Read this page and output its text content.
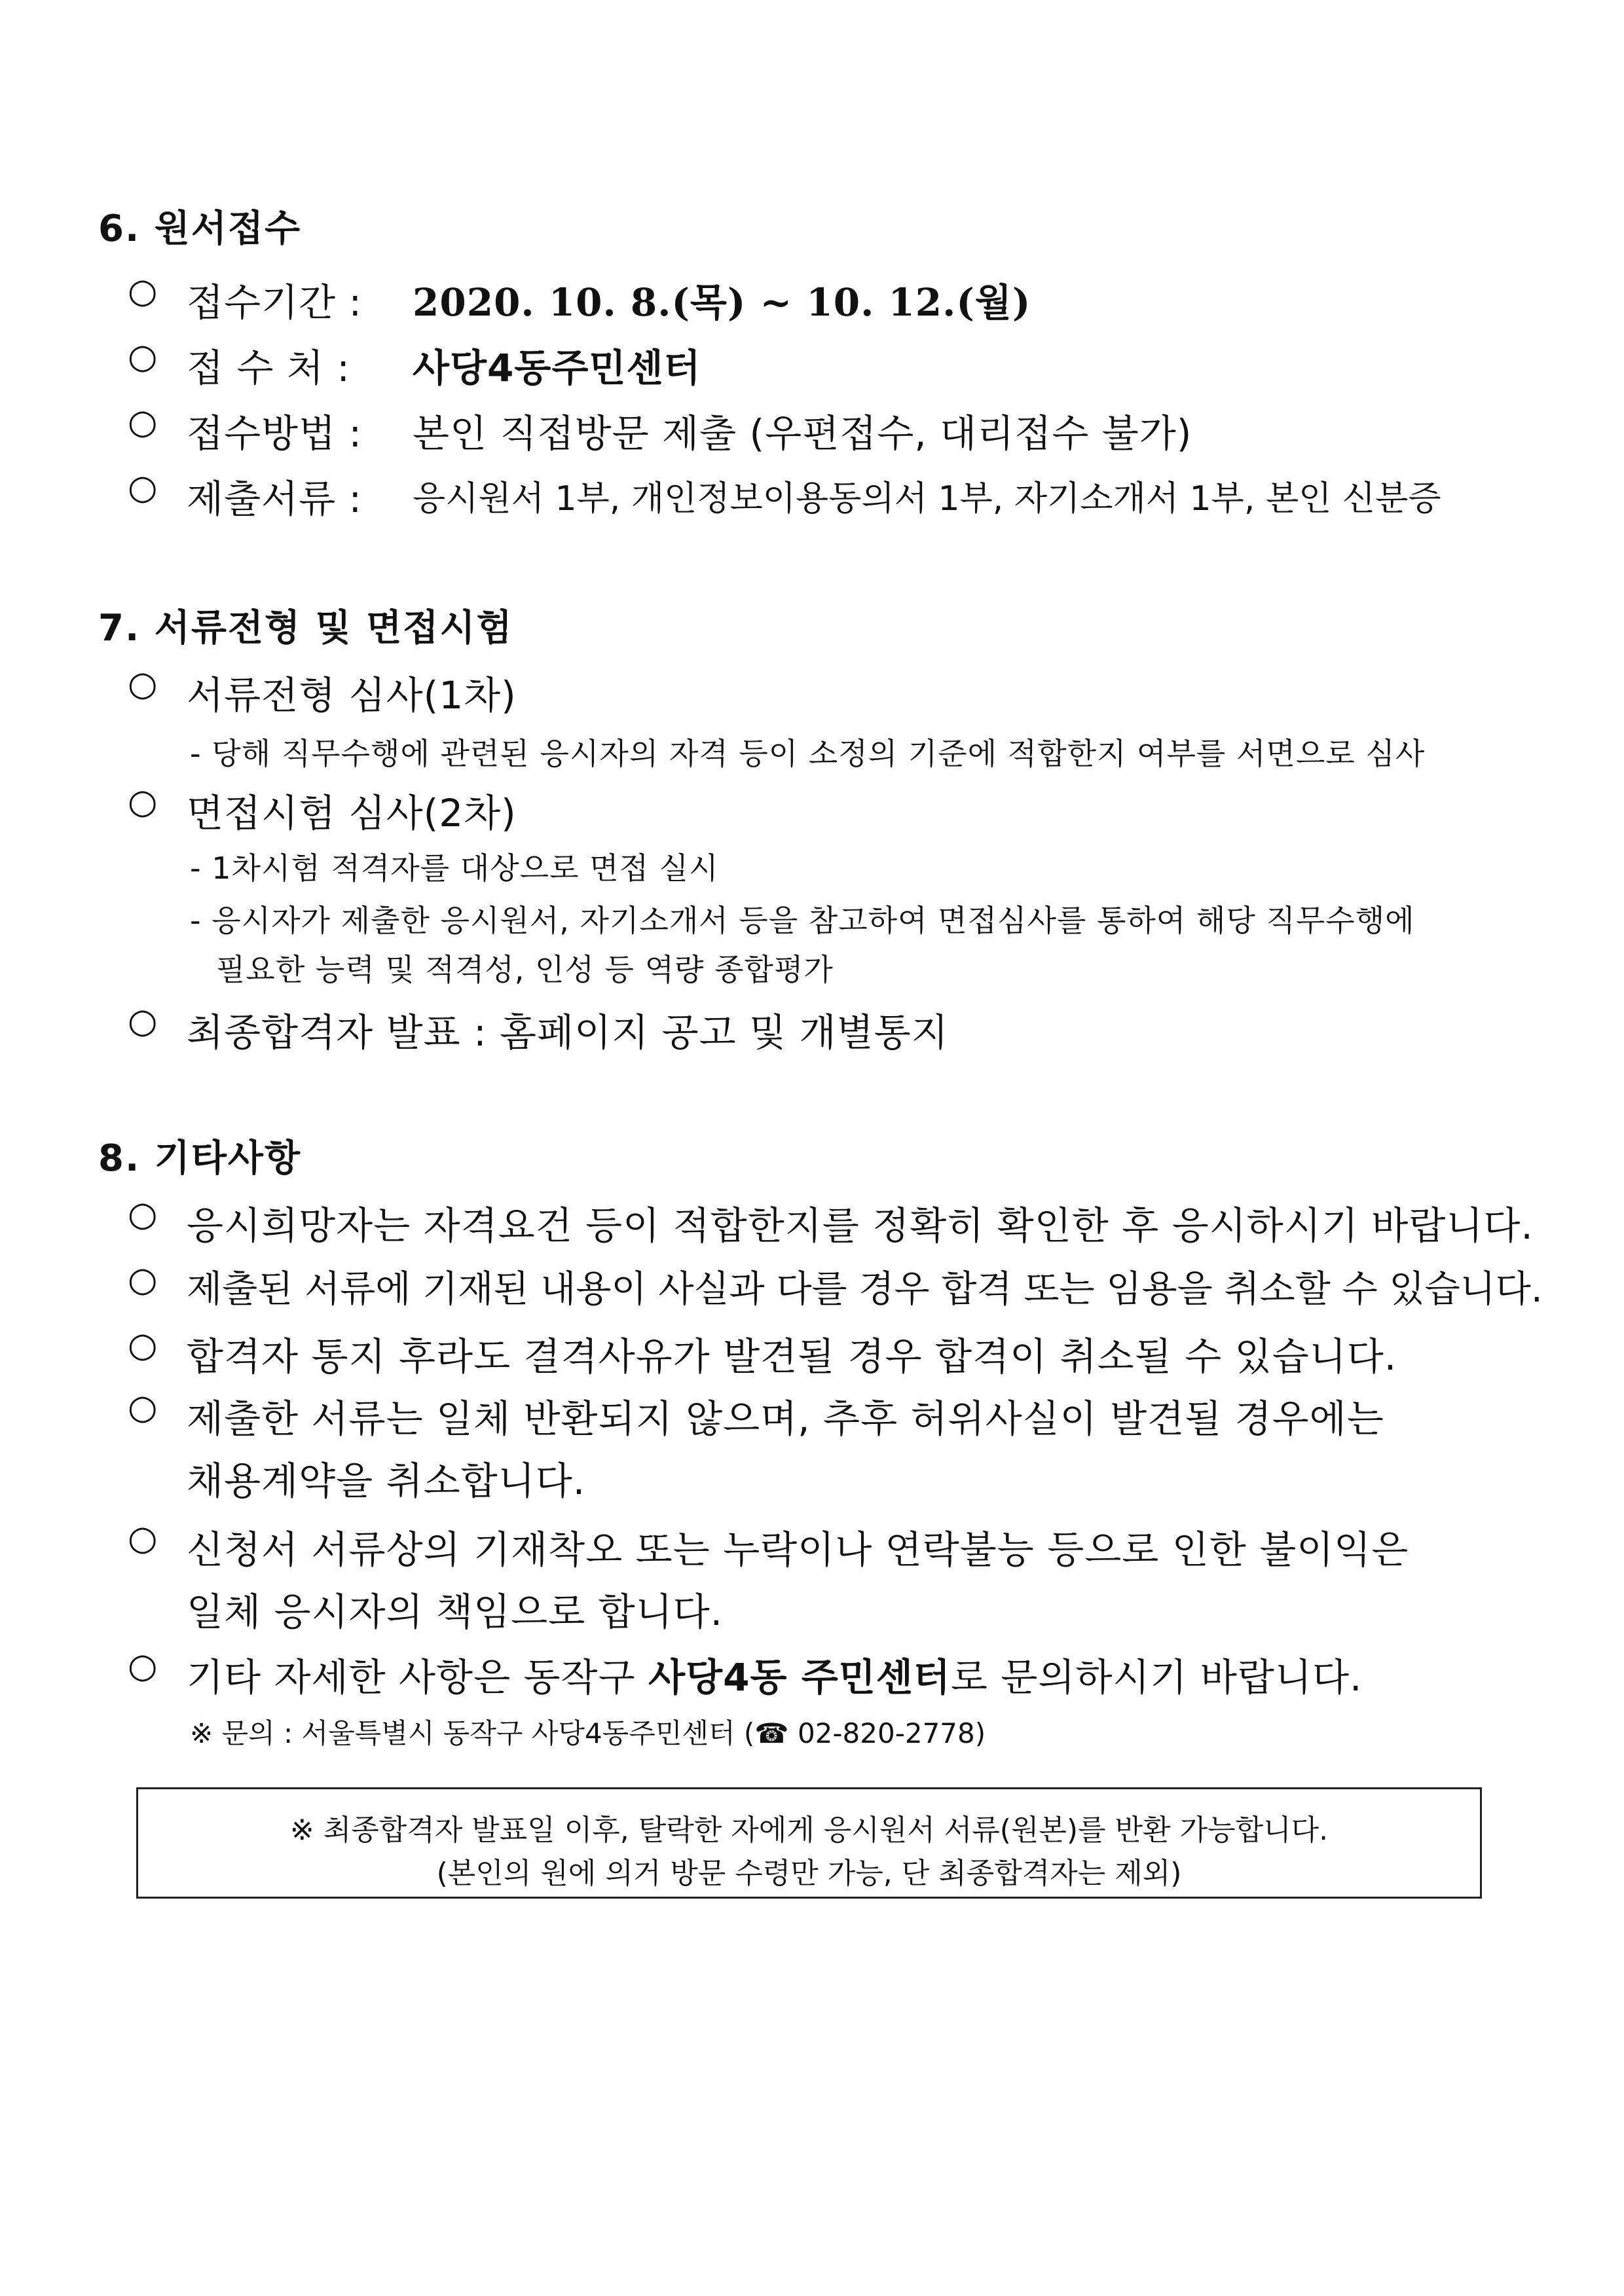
6. 원서접수
○ 접수기간 : 2020. 10. 8.(목) ~ 10. 12.(월)
○ 접 수 처 : 사당4동주민센터
○ 접수방법 : 본인 직접방문 제출 (우편접수, 대리접수 불가)
○ 제출서류 : 응시원서 1부, 개인정보이용동의서 1부, 자기소개서 1부, 본인 신분증
7. 서류전형 및 면접시험
○ 서류전형 심사(1차)
- 당해 직무수행에 관련된 응시자의 자격 등이 소정의 기준에 적합한지 여부를 서면으로 심사
○ 면접시험 심사(2차)
- 1차시험 적격자를 대상으로 면접 실시
- 응시자가 제출한 응시원서, 자기소개서 등을 참고하여 면접심사를 통하여 해당 직무수행에
필요한 능력 및 적격성, 인성 등 역량 종합평가
○ 최종합격자 발표 : 홈페이지 공고 및 개별통지
8. 기타사항
○ 응시희망자는 자격요건 등이 적합한지를 정확히 확인한 후 응시하시기 바랍니다.
○ 제출된 서류에 기재된 내용이 사실과 다를 경우 합격 또는 임용을 취소할 수 있습니다.
○ 합격자 통지 후라도 결격사유가 발견될 경우 합격이 취소될 수 있습니다.
○ 제출한 서류는 일체 반환되지 않으며, 추후 허위사실이 발견될 경우에는
채용계약을 취소합니다.
○ 신청서 서류상의 기재착오 또는 누락이나 연락불능 등으로 인한 불이익은
일체 응시자의 책임으로 합니다.
○ 기타 자세한 사항은 동작구 사당4동 주민센터로 문의하시기 바랍니다.
※ 문의 : 서울특별시 동작구 사당4동주민센터 (☎ 02-820-2778)
※ 최종합격자 발표일 이후, 탈락한 자에게 응시원서 서류(원본)를 반환 가능합니다.
(본인의 원에 의거 방문 수령만 가능, 단 최종합격자는 제외)
